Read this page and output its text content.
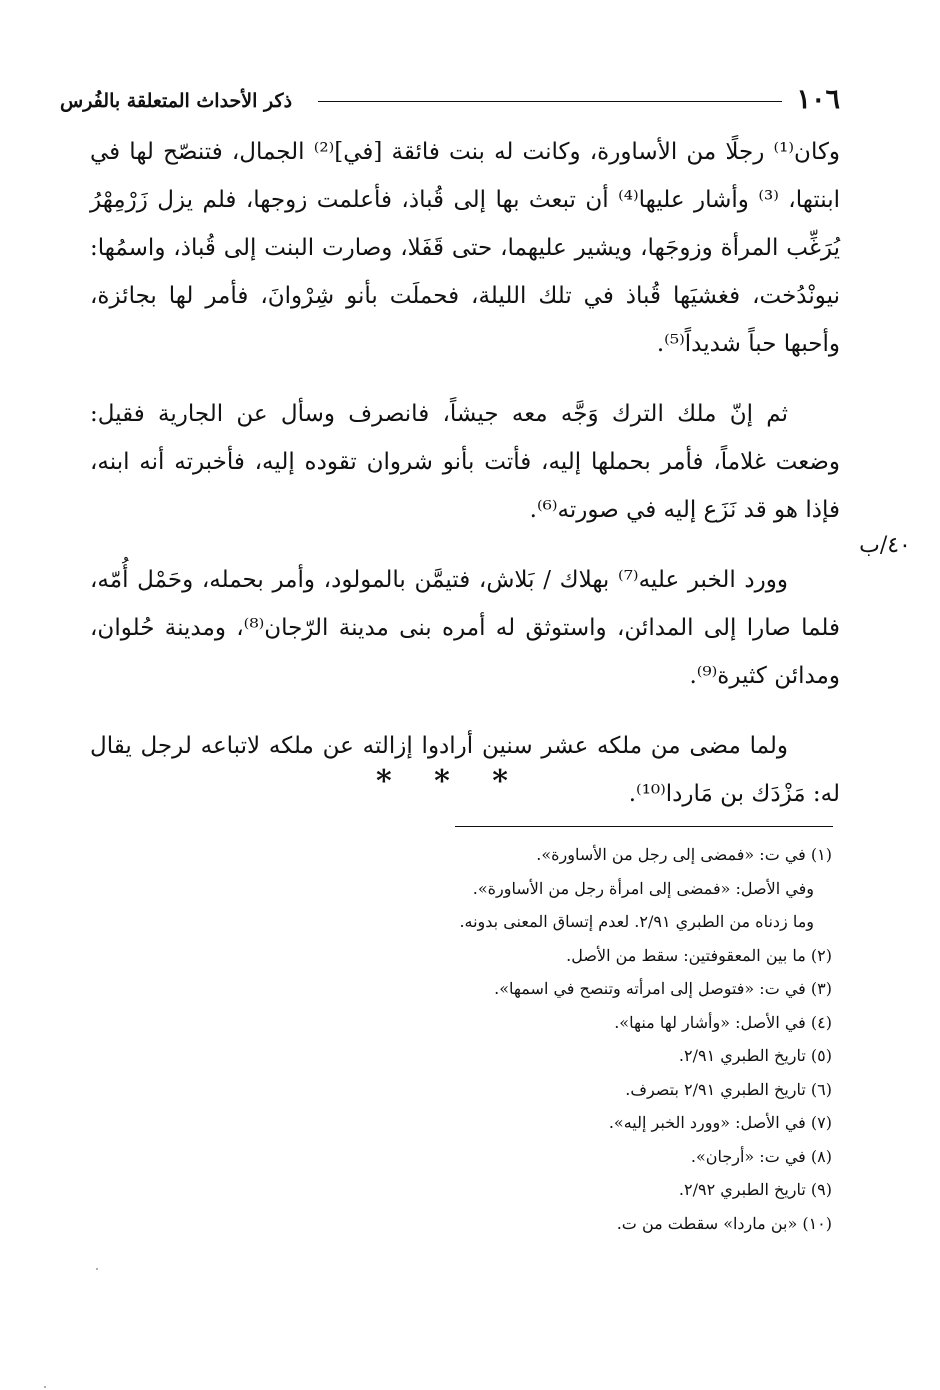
١٠٦
ذكر الأحداث المتعلقة بالفُرس

وكان⁽¹⁾ رجلًا من الأساورة، وكانت له بنت فائقة [في]⁽²⁾ الجمال، فتنصّح لها في ابنتها، ⁽³⁾ وأشار عليها⁽⁴⁾ أن تبعث بها إلى قُباذ، فأعلمت زوجها، فلم يزل زَرْمِهْرُ يُرَغِّب المرأة وزوجَها، ويشير عليهما، حتى قَفَلا، وصارت البنت إلى قُباذ، واسمُها: نيونْدُخت، فغشيَها قُباذ في تلك الليلة، فحملَت بأنو شِرْوانَ، فأمر لها بجائزة، وأحبها حباً شديداً⁽⁵⁾.

ثم إنّ ملك الترك وَجَّه معه جيشاً، فانصرف وسأل عن الجارية فقيل: وضعت غلاماً، فأمر بحملها إليه، فأتت بأنو شروان تقوده إليه، فأخبرته أنه ابنه، فإذا هو قد نَزَع إليه في صورته⁽⁶⁾.

وورد الخبر عليه⁽⁷⁾ بهلاك / بَلاش، فتيمَّن بالمولود، وأمر بحمله، وحَمْل أُمّه، فلما صارا إلى المدائن، واستوثق له أمره بنى مدينة الرّجان⁽⁸⁾، ومدينة حُلوان، ومدائن كثيرة⁽⁹⁾.

ولما مضى من ملكه عشر سنين أرادوا إزالته عن ملكه لاتباعه لرجل يقال له: مَزْدَك بن مَاردا⁽¹⁰⁾.

٤٠/ب
* * *
(١) في ت: «فمضى إلى رجل من الأساورة».
وفي الأصل: «فمضى إلى امرأة رجل من الأساورة».
وما زدناه من الطبري ٢/٩١. لعدم إتساق المعنى بدونه.
(٢) ما بين المعقوفتين: سقط من الأصل.
(٣) في ت: «فتوصل إلى امرأته وتنصح في اسمها».
(٤) في الأصل: «وأشار لها منها».
(٥) تاريخ الطبري ٢/٩١.
(٦) تاريخ الطبري ٢/٩١ بتصرف.
(٧) في الأصل: «وورد الخبر إليه».
(٨) في ت: «أرجان».
(٩) تاريخ الطبري ٢/٩٢.
(١٠) «بن ماردا» سقطت من ت.
